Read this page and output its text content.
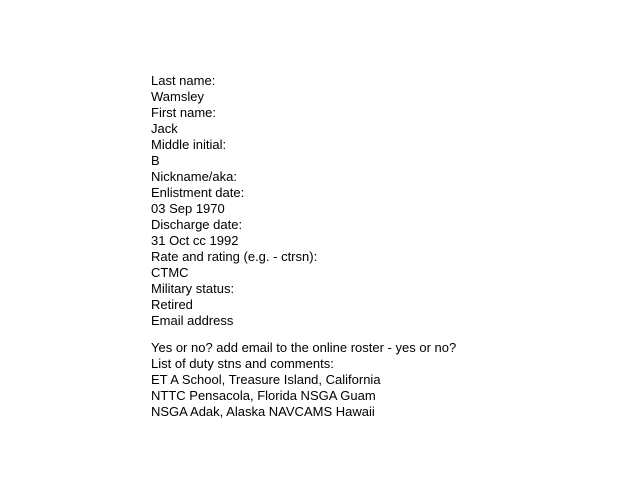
Last name:
Wamsley
First name:
Jack
Middle initial:
B
Nickname/aka:
Enlistment date:
03 Sep 1970
Discharge date:
31 Oct cc 1992
Rate and rating (e.g. - ctrsn):
CTMC
Military status:
Retired
Email address
Yes or no? add email to the online roster - yes or no?
List of duty stns and comments:
ET A School, Treasure Island, California
NTTC Pensacola, Florida NSGA Guam
NSGA Adak, Alaska NAVCAMS Hawaii
